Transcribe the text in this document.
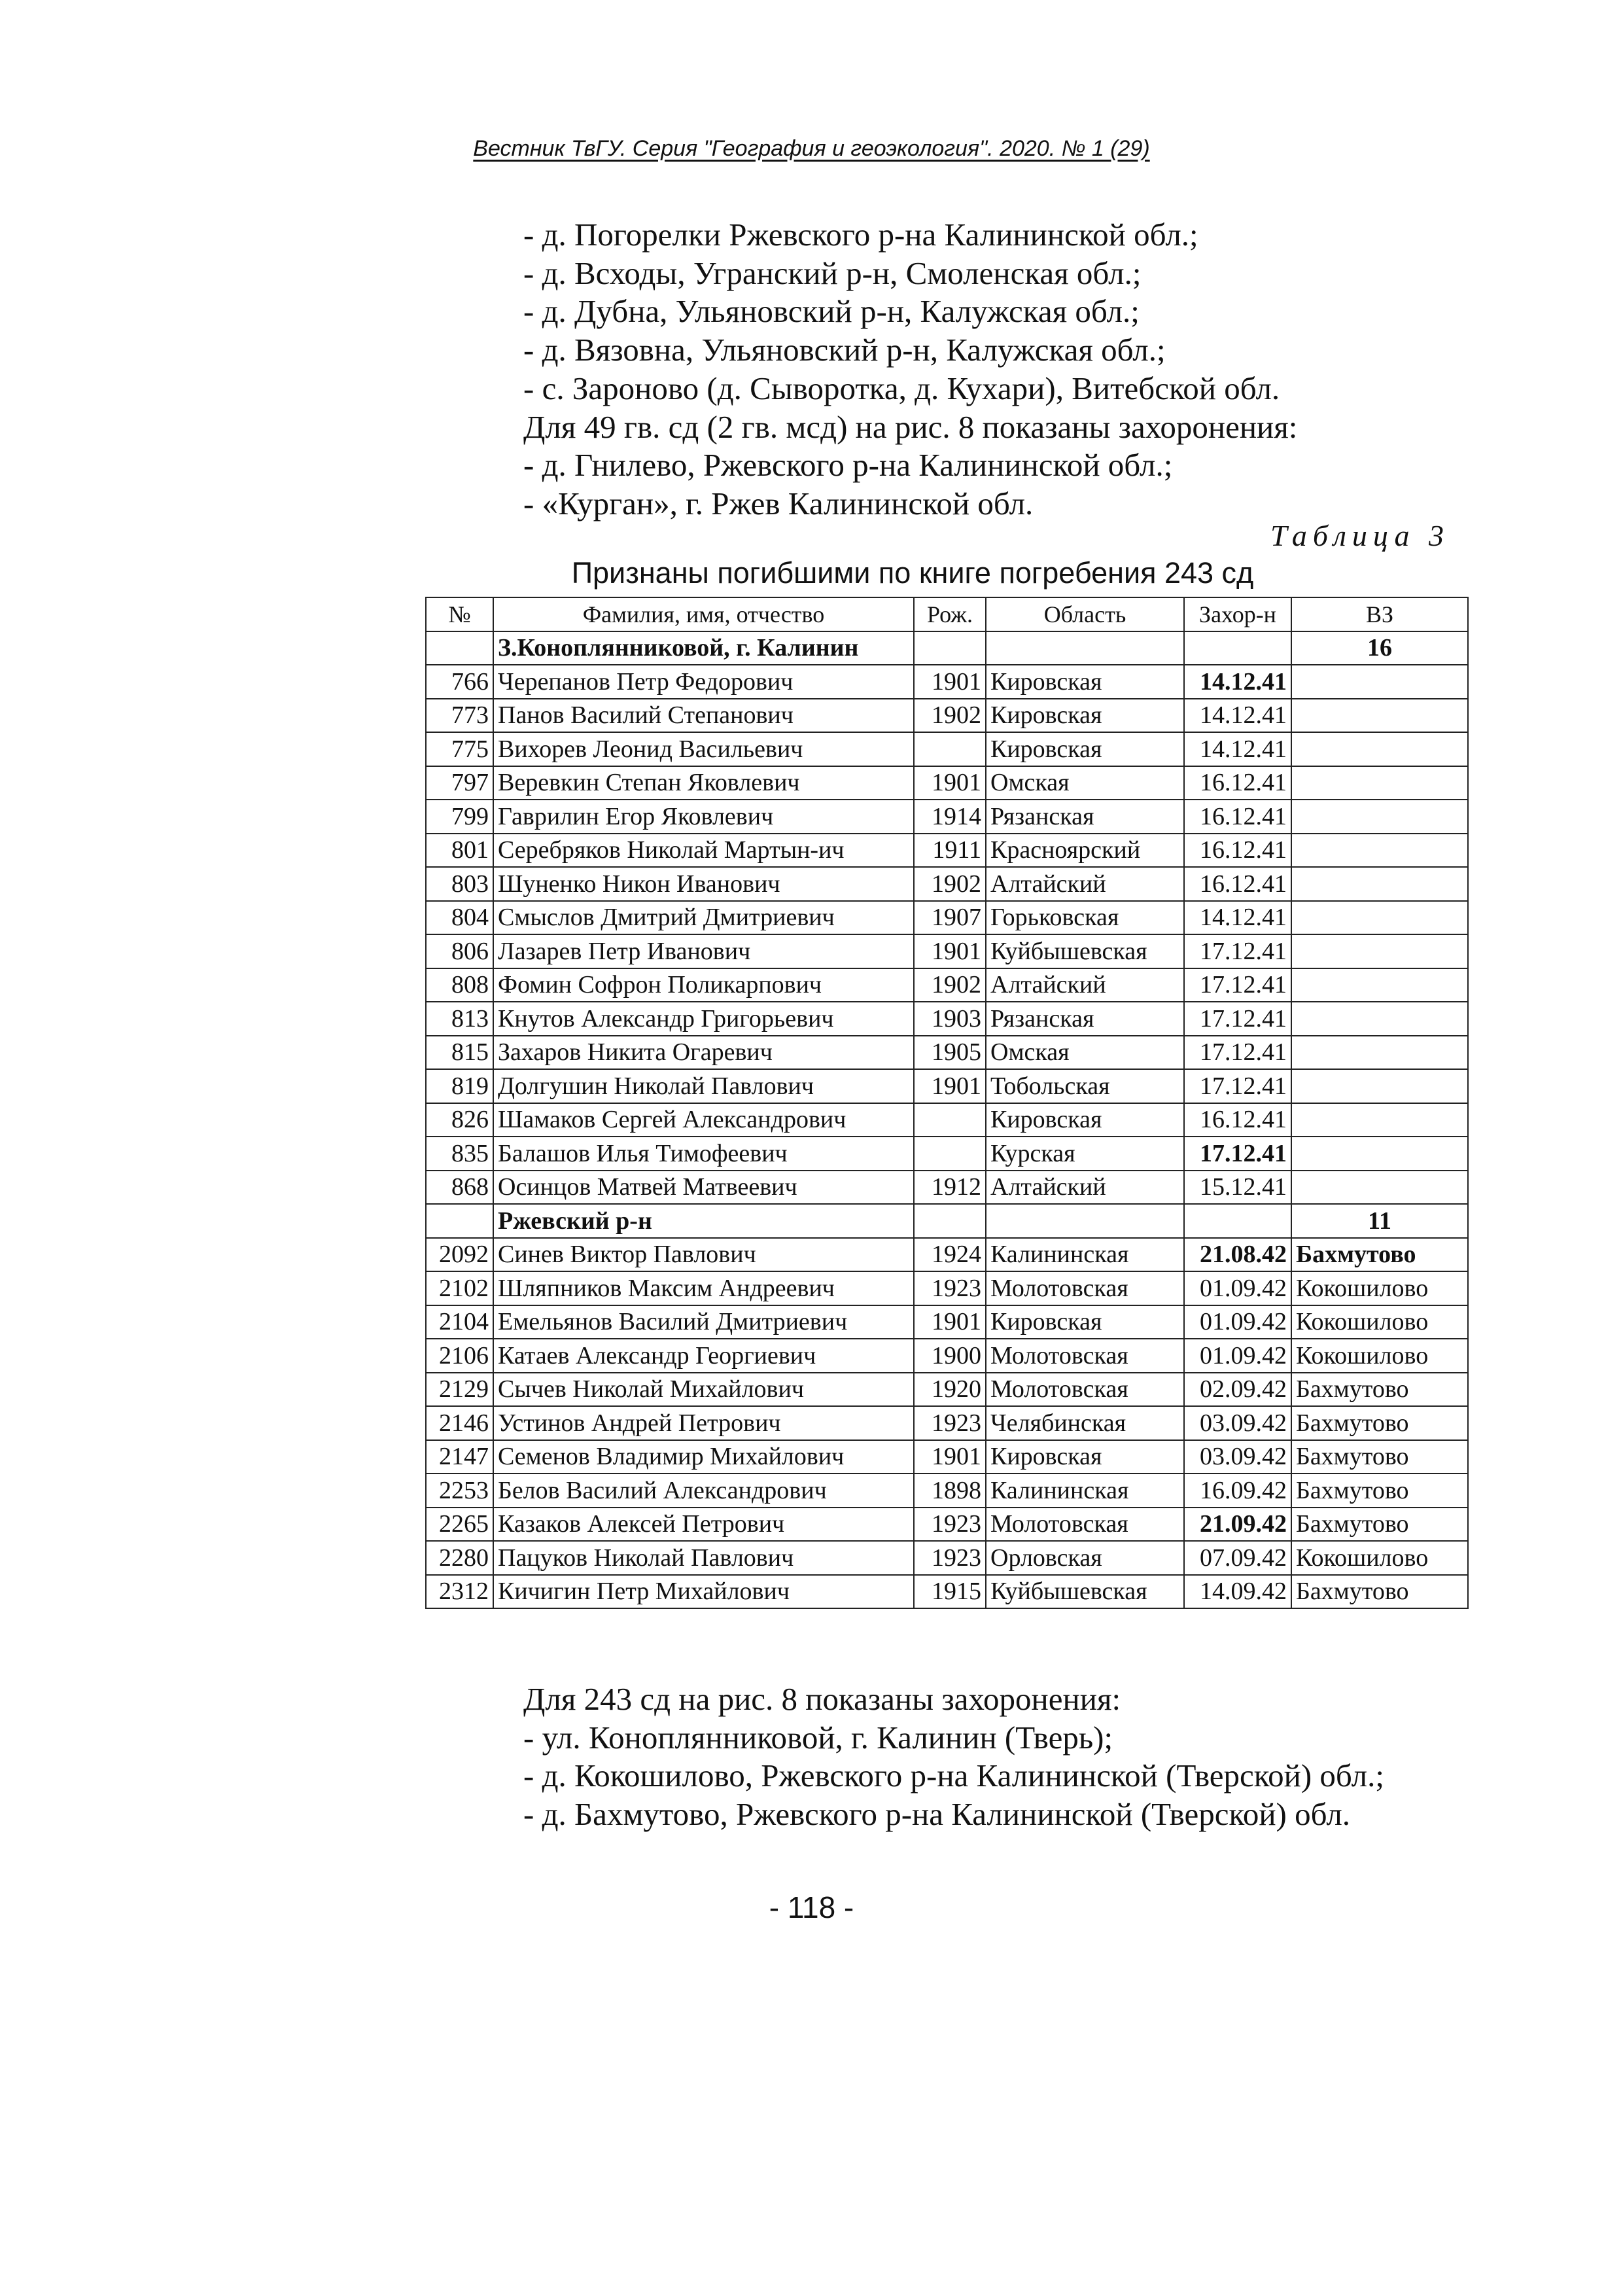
Вестник ТвГУ. Серия "География и геоэкология". 2020. № 1 (29)
- д. Погорелки Ржевского р-на Калининской обл.;
- д. Всходы, Угранский р-н, Смоленская обл.;
- д. Дубна, Ульяновский р-н, Калужская обл.;
- д. Вязовна, Ульяновский р-н, Калужская обл.;
- с. Зароново (д. Сыворотка, д. Кухари), Витебской обл.
Для 49 гв. сд (2 гв. мсд) на рис. 8 показаны захоронения:
- д. Гнилево, Ржевского р-на Калининской обл.;
- «Курган», г. Ржев Калининской обл.
Таблица 3
Признаны погибшими по книге погребения 243 сд
№	Фамилия, имя, отчество	Рож.	Область	Захор-н	ВЗ
	З.Коноплянниковой, г. Калинин				16
766	Черепанов Петр Федорович	1901	Кировская	14.12.41	
773	Панов Василий Степанович	1902	Кировская	14.12.41	
775	Вихорев Леонид Васильевич		Кировская	14.12.41	
797	Веревкин Степан Яковлевич	1901	Омская	16.12.41	
799	Гаврилин Егор Яковлевич	1914	Рязанская	16.12.41	
801	Серебряков Николай Мартын-ич	1911	Красноярский	16.12.41	
803	Шуненко Никон Иванович	1902	Алтайский	16.12.41	
804	Смыслов Дмитрий Дмитриевич	1907	Горьковская	14.12.41	
806	Лазарев Петр Иванович	1901	Куйбышевская	17.12.41	
808	Фомин Софрон Поликарпович	1902	Алтайский	17.12.41	
813	Кнутов Александр Григорьевич	1903	Рязанская	17.12.41	
815	Захаров Никита Огаревич	1905	Омская	17.12.41	
819	Долгушин Николай Павлович	1901	Тобольская	17.12.41	
826	Шамаков Сергей Александрович		Кировская	16.12.41	
835	Балашов Илья Тимофеевич		Курская	17.12.41	
868	Осинцов Матвей Матвеевич	1912	Алтайский	15.12.41	
	Ржевский р-н				11
2092	Синев Виктор Павлович	1924	Калининская	21.08.42	Бахмутово
2102	Шляпников Максим Андреевич	1923	Молотовская	01.09.42	Кокошилово
2104	Емельянов Василий Дмитриевич	1901	Кировская	01.09.42	Кокошилово
2106	Катаев Александр Георгиевич	1900	Молотовская	01.09.42	Кокошилово
2129	Сычев Николай Михайлович	1920	Молотовская	02.09.42	Бахмутово
2146	Устинов Андрей Петрович	1923	Челябинская	03.09.42	Бахмутово
2147	Семенов Владимир Михайлович	1901	Кировская	03.09.42	Бахмутово
2253	Белов Василий Александрович	1898	Калининская	16.09.42	Бахмутово
2265	Казаков Алексей Петрович	1923	Молотовская	21.09.42	Бахмутово
2280	Пацуков Николай Павлович	1923	Орловская	07.09.42	Кокошилово
2312	Кичигин Петр Михайлович	1915	Куйбышевская	14.09.42	Бахмутово
Для 243 сд на рис. 8 показаны захоронения:
- ул. Коноплянниковой, г. Калинин (Тверь);
- д. Кокошилово, Ржевского р-на Калининской (Тверской) обл.;
- д. Бахмутово, Ржевского р-на Калининской (Тверской) обл.
- 118 -
